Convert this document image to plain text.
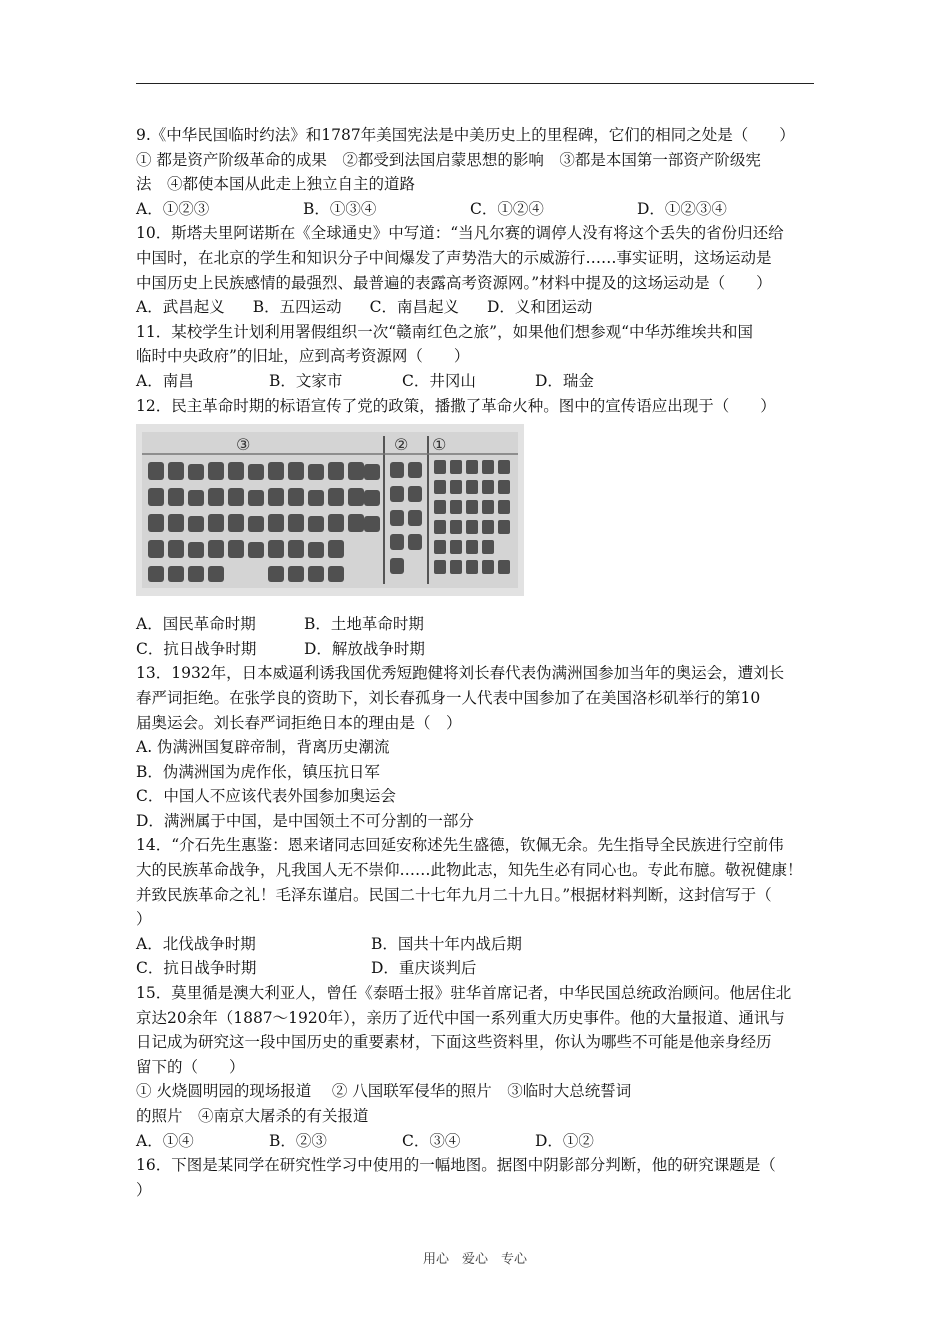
9.《中华民国临时约法》和1787年美国宪法是中美历史上的里程碑，它们的相同之处是（　　）
① 都是资产阶级革命的成果　②都受到法国启蒙思想的影响　③都是本国第一部资产阶级宪
法　④都使本国从此走上独立自主的道路
A．①②③	B．①③④	C．①②④	D．①②③④
10．斯塔夫里阿诺斯在《全球通史》中写道：“当凡尔赛的调停人没有将这个丢失的省份归还给
中国时，在北京的学生和知识分子中间爆发了声势浩大的示威游行……事实证明，这场运动是
中国历史上民族感情的最强烈、最普遍的表露高考资源网。”材料中提及的这场运动是（　　）
A．武昌起义 B．五四运动 C．南昌起义 D．义和团运动
11．某校学生计划利用署假组织一次“赣南红色之旅”，如果他们想参观“中华苏维埃共和国
临时中央政府”的旧址，应到高考资源网（　　）
A．南昌	B．文家市	C．井冈山	D．瑞金
12．民主革命时期的标语宣传了党的政策，播撒了革命火种。图中的宣传语应出现于（　　）
③	② ①
A．国民革命时期	B．土地革命时期
C．抗日战争时期	D．解放战争时期
13．1932年，日本威逼利诱我国优秀短跑健将刘长春代表伪满洲国参加当年的奥运会，遭刘长
春严词拒绝。在张学良的资助下，刘长春孤身一人代表中国参加了在美国洛杉矶举行的第10
届奥运会。刘长春严词拒绝日本的理由是（　）
A. 伪满洲国复辟帝制，背离历史潮流
B．伪满洲国为虎作伥，镇压抗日军
C．中国人不应该代表外国参加奥运会
D．满洲属于中国，是中国领土不可分割的一部分
14．“介石先生惠鉴：恩来诸同志回延安称述先生盛德，钦佩无余。先生指导全民族进行空前伟
大的民族革命战争，凡我国人无不崇仰……此物此志，知先生必有同心也。专此布臆。敬祝健康！
并致民族革命之礼！毛泽东谨启。民国二十七年九月二十九日。”根据材料判断，这封信写于（
）
A．北伐战争时期	B．国共十年内战后期
C．抗日战争时期	D．重庆谈判后
15．莫里循是澳大利亚人，曾任《泰晤士报》驻华首席记者，中华民国总统政治顾问。他居住北
京达20余年（1887～1920年），亲历了近代中国一系列重大历史事件。他的大量报道、通讯与
日记成为研究这一段中国历史的重要素材，下面这些资料里，你认为哪些不可能是他亲身经历
留下的（　　）
① 火烧圆明园的现场报道　 ② 八国联军侵华的照片　③临时大总统誓词
的照片　④南京大屠杀的有关报道
A．①④	B．②③	C．③④	D．①②
16．下图是某同学在研究性学习中使用的一幅地图。据图中阴影部分判断，他的研究课题是（
）
用心　爱心　专心
